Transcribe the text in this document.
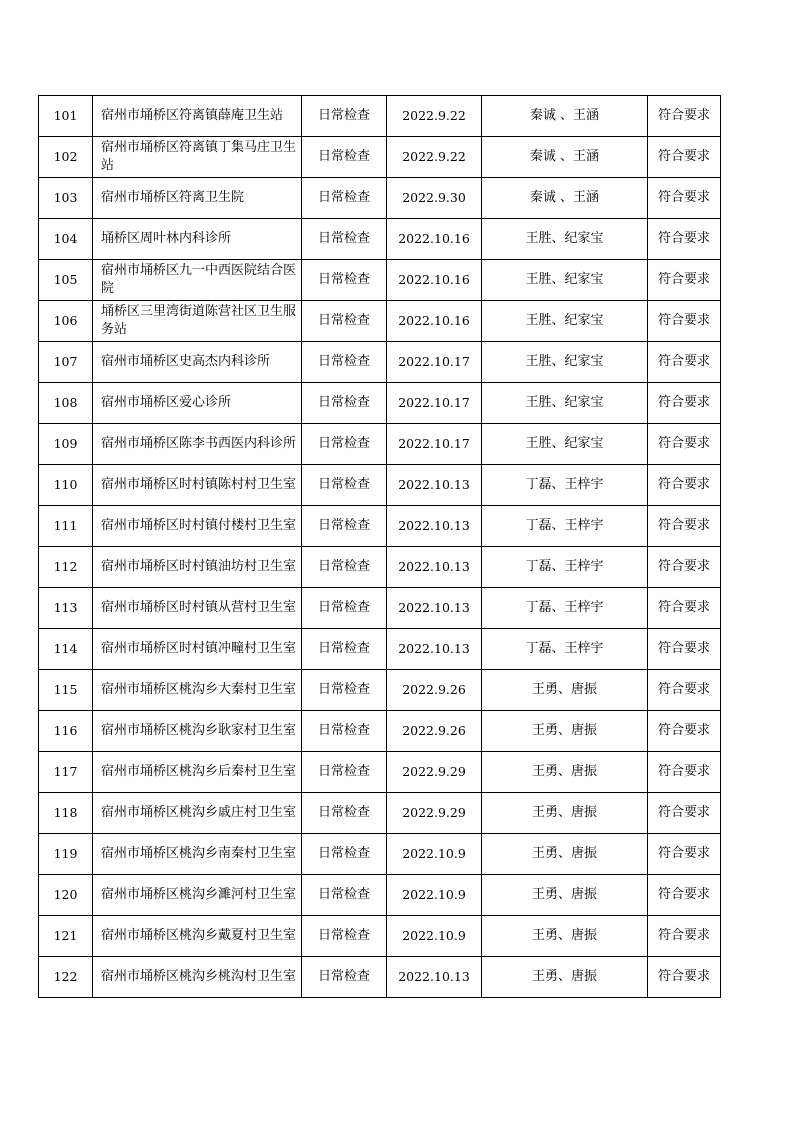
101	宿州市埇桥区符离镇薛庵卫生站	日常检查	2022.9.22	秦诚 、王涵	符合要求
102	宿州市埇桥区符离镇丁集马庄卫生站	日常检查	2022.9.22	秦诚 、王涵	符合要求
103	宿州市埇桥区符离卫生院	日常检查	2022.9.30	秦诚 、王涵	符合要求
104	埇桥区周叶林内科诊所	日常检查	2022.10.16	王胜、纪家宝	符合要求
105	宿州市埇桥区九一中西医院结合医院	日常检查	2022.10.16	王胜、纪家宝	符合要求
106	埇桥区三里湾街道陈营社区卫生服务站	日常检查	2022.10.16	王胜、纪家宝	符合要求
107	宿州市埇桥区史高杰内科诊所	日常检查	2022.10.17	王胜、纪家宝	符合要求
108	宿州市埇桥区爱心诊所	日常检查	2022.10.17	王胜、纪家宝	符合要求
109	宿州市埇桥区陈李书西医内科诊所	日常检查	2022.10.17	王胜、纪家宝	符合要求
110	宿州市埇桥区时村镇陈村村卫生室	日常检查	2022.10.13	丁磊、王梓宇	符合要求
111	宿州市埇桥区时村镇付楼村卫生室	日常检查	2022.10.13	丁磊、王梓宇	符合要求
112	宿州市埇桥区时村镇油坊村卫生室	日常检查	2022.10.13	丁磊、王梓宇	符合要求
113	宿州市埇桥区时村镇从营村卫生室	日常检查	2022.10.13	丁磊、王梓宇	符合要求
114	宿州市埇桥区时村镇冲疃村卫生室	日常检查	2022.10.13	丁磊、王梓宇	符合要求
115	宿州市埇桥区桃沟乡大秦村卫生室	日常检查	2022.9.26	王勇、唐振	符合要求
116	宿州市埇桥区桃沟乡耿家村卫生室	日常检查	2022.9.26	王勇、唐振	符合要求
117	宿州市埇桥区桃沟乡后秦村卫生室	日常检查	2022.9.29	王勇、唐振	符合要求
118	宿州市埇桥区桃沟乡戚庄村卫生室	日常检查	2022.9.29	王勇、唐振	符合要求
119	宿州市埇桥区桃沟乡南秦村卫生室	日常检查	2022.10.9	王勇、唐振	符合要求
120	宿州市埇桥区桃沟乡濉河村卫生室	日常检查	2022.10.9	王勇、唐振	符合要求
121	宿州市埇桥区桃沟乡戴夏村卫生室	日常检查	2022.10.9	王勇、唐振	符合要求
122	宿州市埇桥区桃沟乡桃沟村卫生室	日常检查	2022.10.13	王勇、唐振	符合要求
